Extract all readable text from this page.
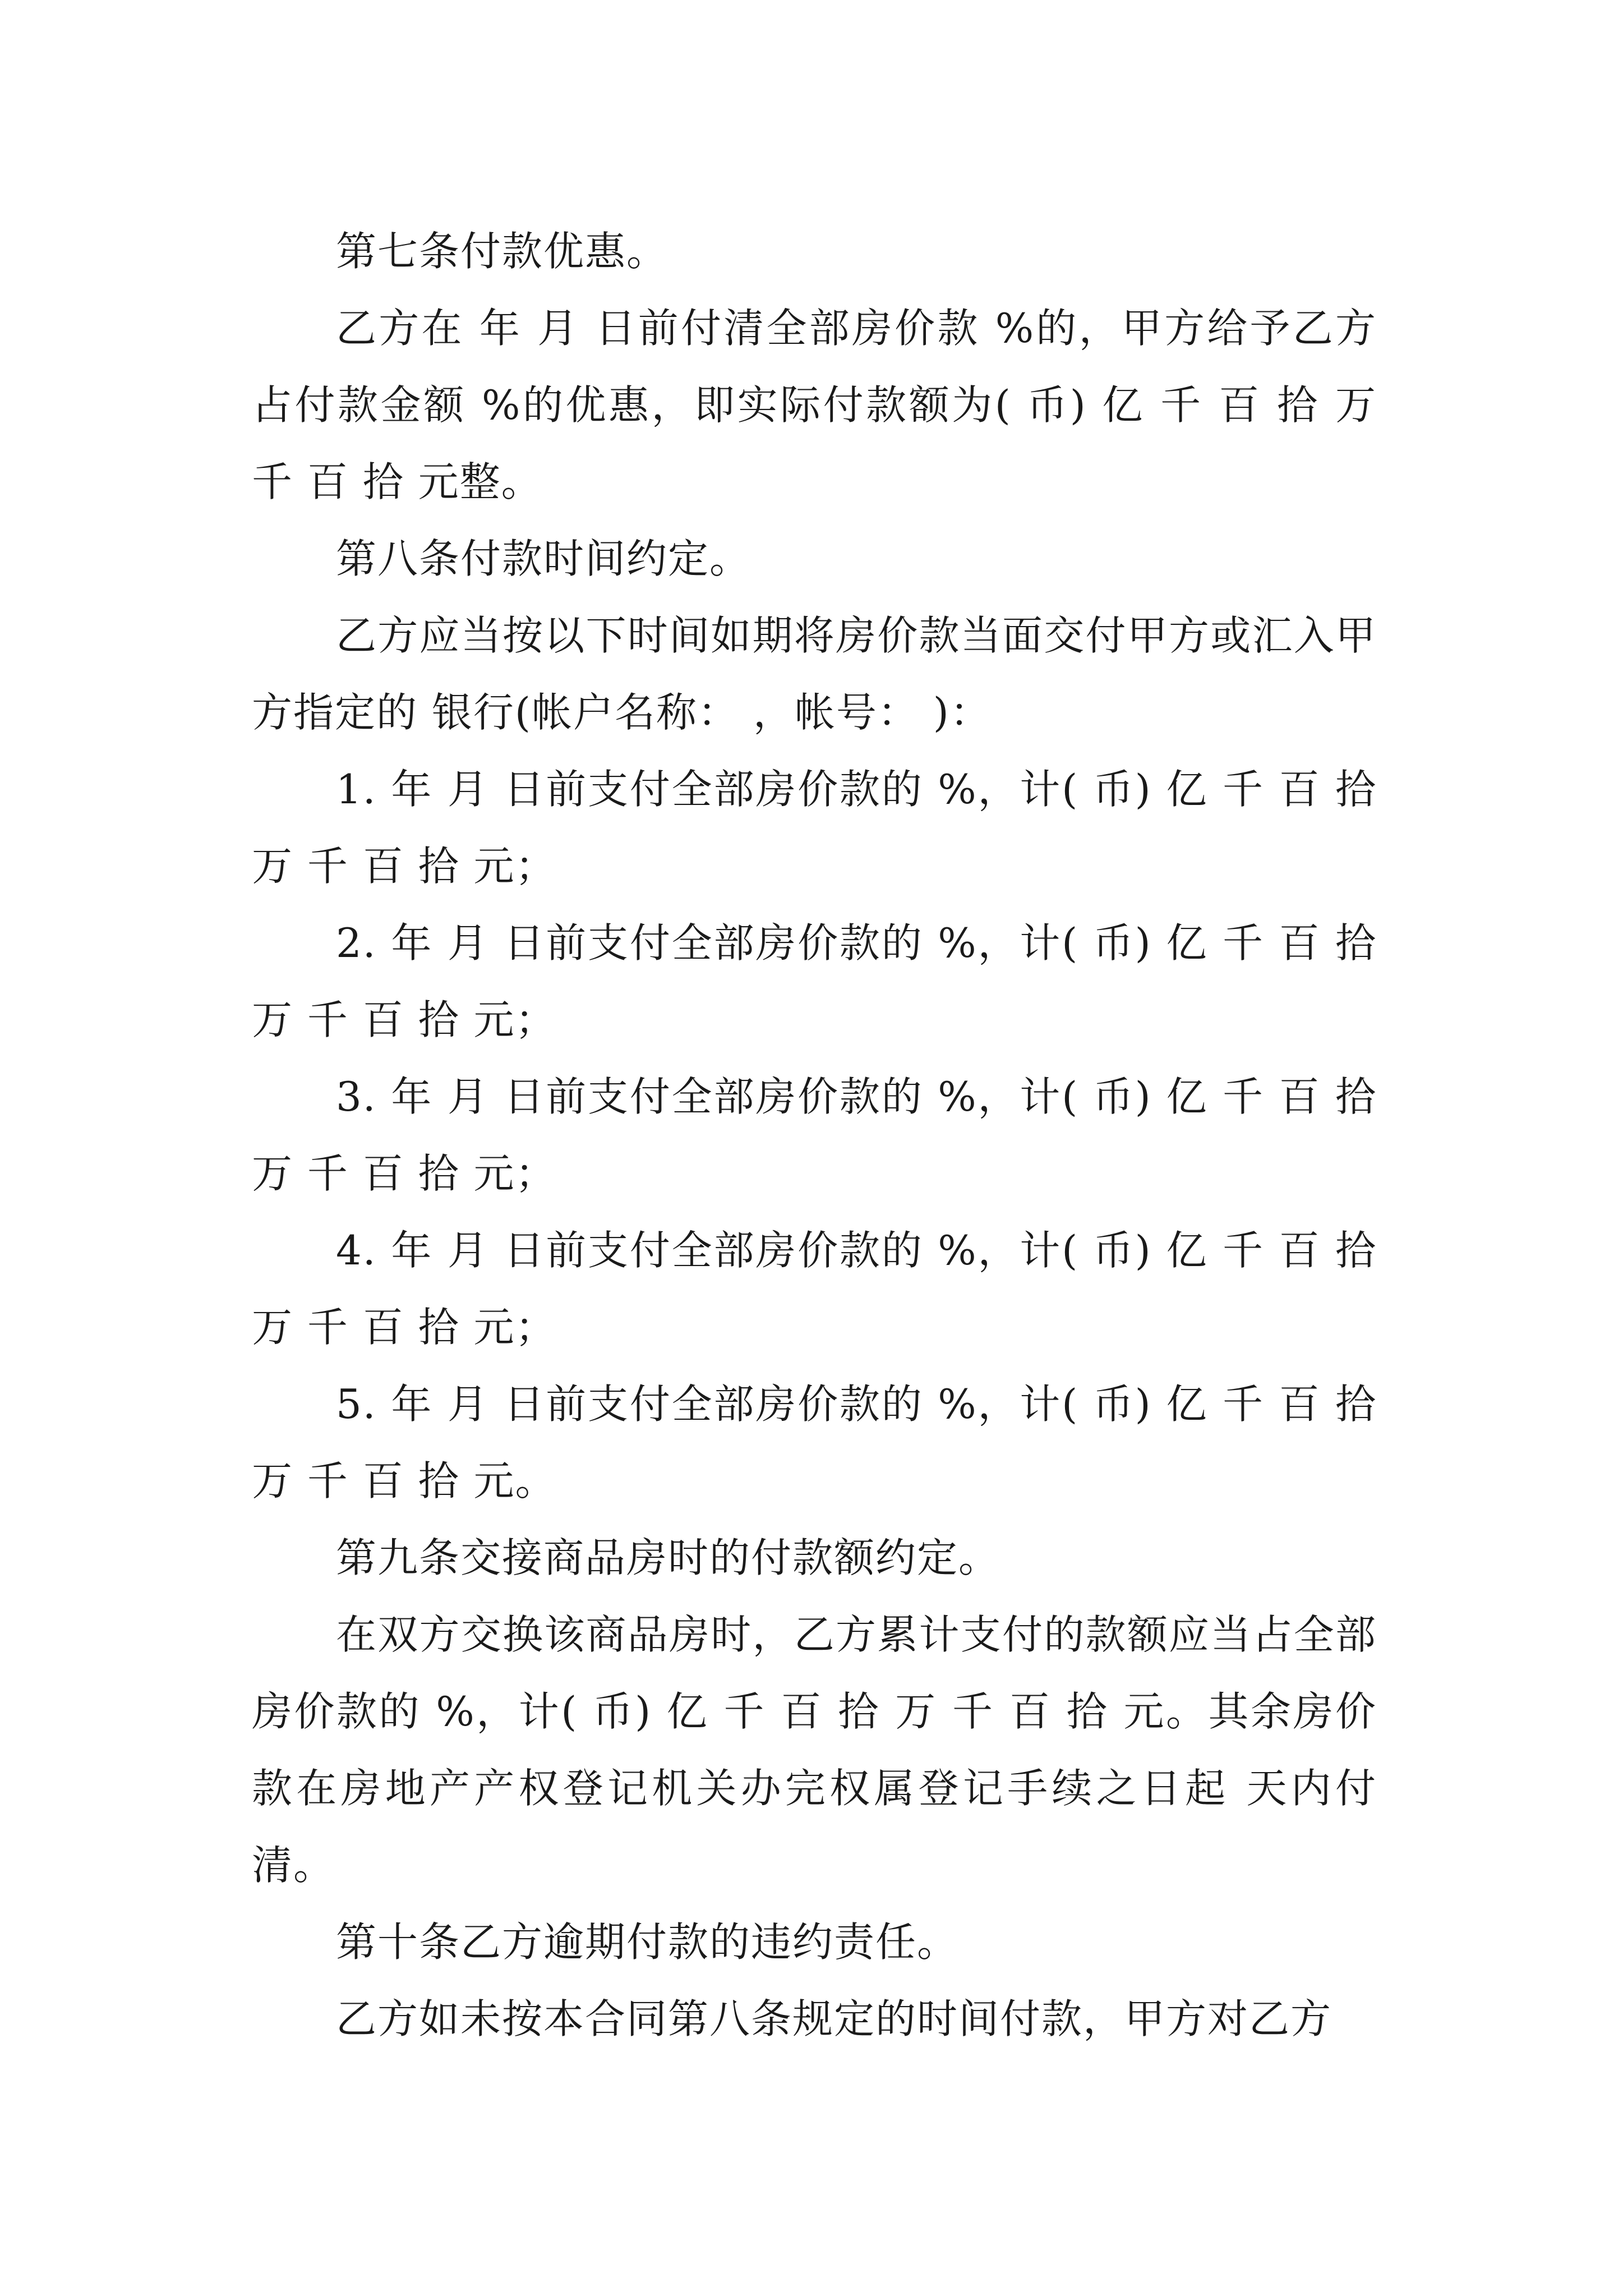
第七条付款优惠。

乙方在 年 月 日前付清全部房价款 %的，甲方给予乙方占付款金额 %的优惠，即实际付款额为( 币) 亿 千 百 拾 万 千 百 拾 元整。

第八条付款时间约定。

乙方应当按以下时间如期将房价款当面交付甲方或汇入甲方指定的 银行(帐户名称： ，帐号： )：

1. 年 月 日前支付全部房价款的 %，计( 币) 亿 千 百 拾 万 千 百 拾 元；

2. 年 月 日前支付全部房价款的 %，计( 币) 亿 千 百 拾 万 千 百 拾 元；

3. 年 月 日前支付全部房价款的 %，计( 币) 亿 千 百 拾 万 千 百 拾 元；

4. 年 月 日前支付全部房价款的 %，计( 币) 亿 千 百 拾 万 千 百 拾 元；

5. 年 月 日前支付全部房价款的 %，计( 币) 亿 千 百 拾 万 千 百 拾 元。

第九条交接商品房时的付款额约定。

在双方交换该商品房时，乙方累计支付的款额应当占全部房价款的 %，计( 币) 亿 千 百 拾 万 千 百 拾 元。其余房价款在房地产产权登记机关办完权属登记手续之日起 天内付清。

第十条乙方逾期付款的违约责任。

乙方如未按本合同第八条规定的时间付款，甲方对乙方
